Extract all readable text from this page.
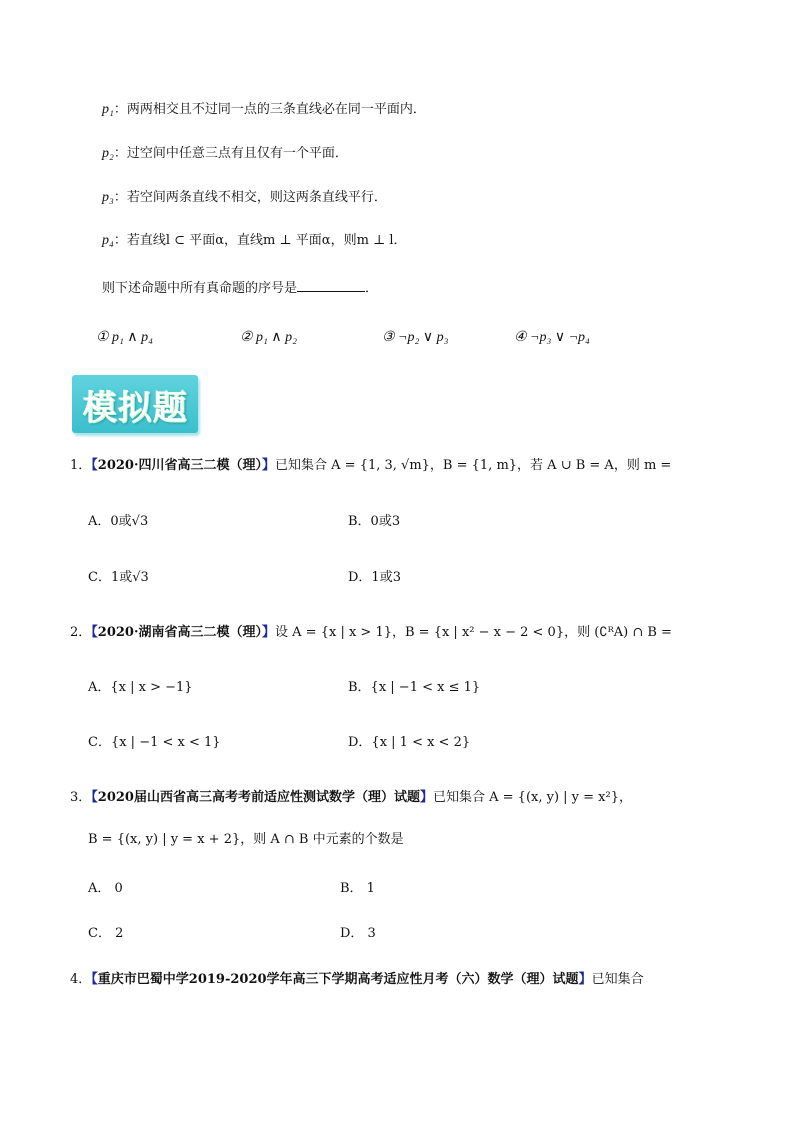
p₁：两两相交且不过同一点的三条直线必在同一平面内．
p₂：过空间中任意三点有且仅有一个平面．
p₃：若空间两条直线不相交，则这两条直线平行．
p₄：若直线l ⊂ 平面α，直线m ⊥ 平面α，则m ⊥ l．
则下述命题中所有真命题的序号是	．
① p₁ ∧ p₄	② p₁ ∧ p₂	③ ¬p₂ ∨ p₃	④ ¬p₃ ∨ ¬p₄
模拟题
1．【2020·四川省高三二模（理）】已知集合 A = {1, 3, √m}，B = {1, m}，若 A ∪ B = A，则 m =
A．0或√3	B．0或3
C．1或√3	D．1或3
2．【2020·湖南省高三二模（理）】设 A = {x | x > 1}，B = {x | x² − x − 2 < 0}，则 (∁ᴿA) ∩ B =
A．{x | x > −1}	B．{x | −1 < x ≤ 1}
C．{x | −1 < x < 1}	D．{x | 1 < x < 2}
3．【2020届山西省高三高考考前适应性测试数学（理）试题】已知集合 A = {(x, y) | y = x²}，
B = {(x, y) | y = x + 2}，则 A ∩ B 中元素的个数是
A． 0	B． 1
C． 2	D． 3
4．【重庆市巴蜀中学2019-2020学年高三下学期高考适应性月考（六）数学（理）试题】已知集合
